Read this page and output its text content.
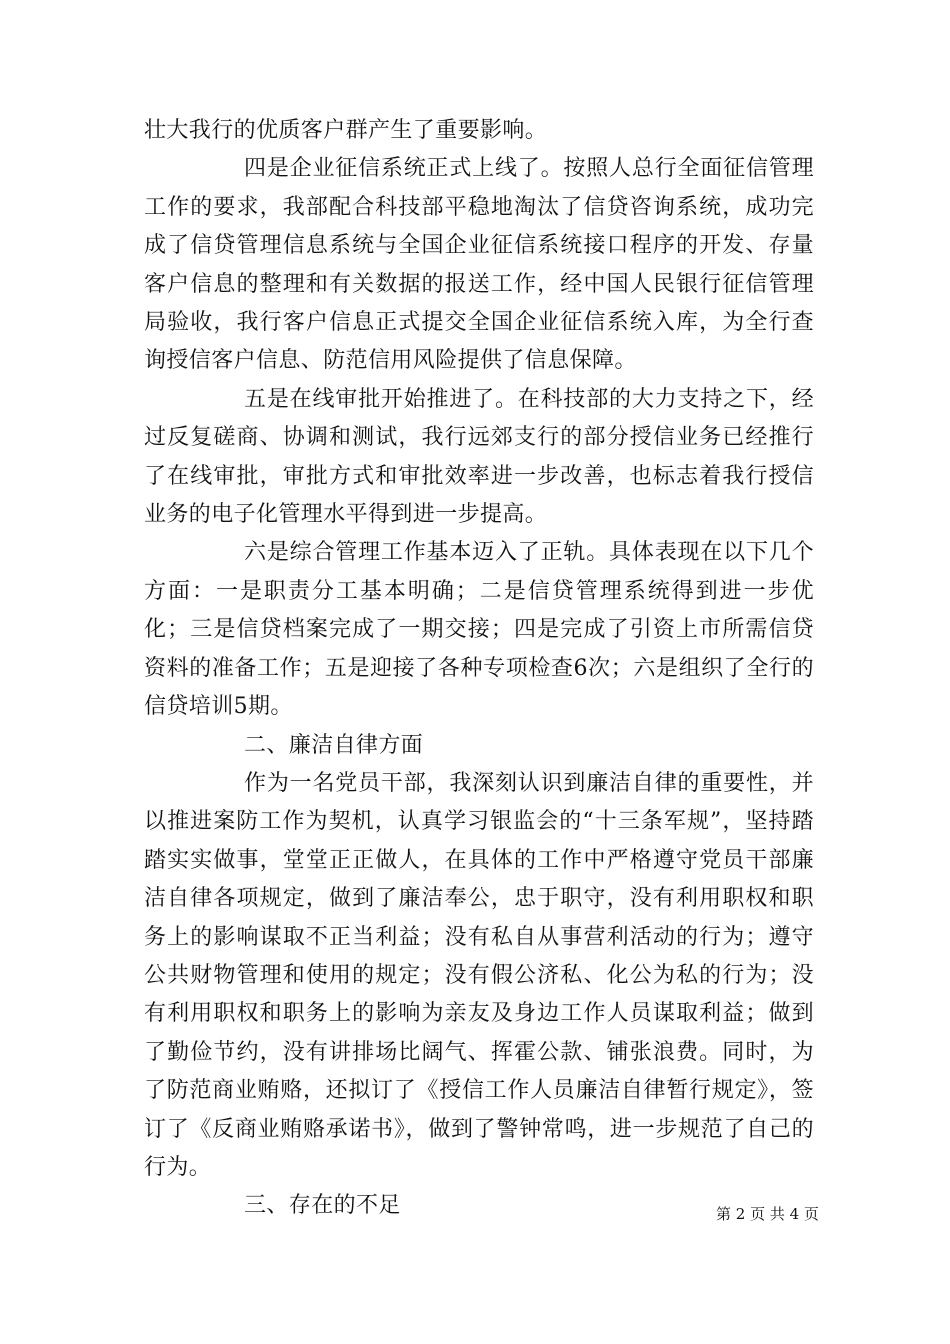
壮大我行的优质客户群产生了重要影响。

四是企业征信系统正式上线了。按照人总行全面征信管理工作的要求，我部配合科技部平稳地淘汰了信贷咨询系统，成功完成了信贷管理信息系统与全国企业征信系统接口程序的开发、存量客户信息的整理和有关数据的报送工作，经中国人民银行征信管理局验收，我行客户信息正式提交全国企业征信系统入库，为全行查询授信客户信息、防范信用风险提供了信息保障。

五是在线审批开始推进了。在科技部的大力支持之下，经过反复磋商、协调和测试，我行远郊支行的部分授信业务已经推行了在线审批，审批方式和审批效率进一步改善，也标志着我行授信业务的电子化管理水平得到进一步提高。

六是综合管理工作基本迈入了正轨。具体表现在以下几个方面：一是职责分工基本明确；二是信贷管理系统得到进一步优化；三是信贷档案完成了一期交接；四是完成了引资上市所需信贷资料的准备工作；五是迎接了各种专项检查6次；六是组织了全行的信贷培训5期。

二、廉洁自律方面

作为一名党员干部，我深刻认识到廉洁自律的重要性，并以推进案防工作为契机，认真学习银监会的“十三条军规”，坚持踏踏实实做事，堂堂正正做人，在具体的工作中严格遵守党员干部廉洁自律各项规定，做到了廉洁奉公，忠于职守，没有利用职权和职务上的影响谋取不正当利益；没有私自从事营利活动的行为；遵守公共财物管理和使用的规定；没有假公济私、化公为私的行为；没有利用职权和职务上的影响为亲友及身边工作人员谋取利益；做到了勤俭节约，没有讲排场比阔气、挥霍公款、铺张浪费。同时，为了防范商业贿赂，还拟订了《授信工作人员廉洁自律暂行规定》，签订了《反商业贿赂承诺书》，做到了警钟常鸣，进一步规范了自己的行为。

三、存在的不足	第 2 页 共 4 页
